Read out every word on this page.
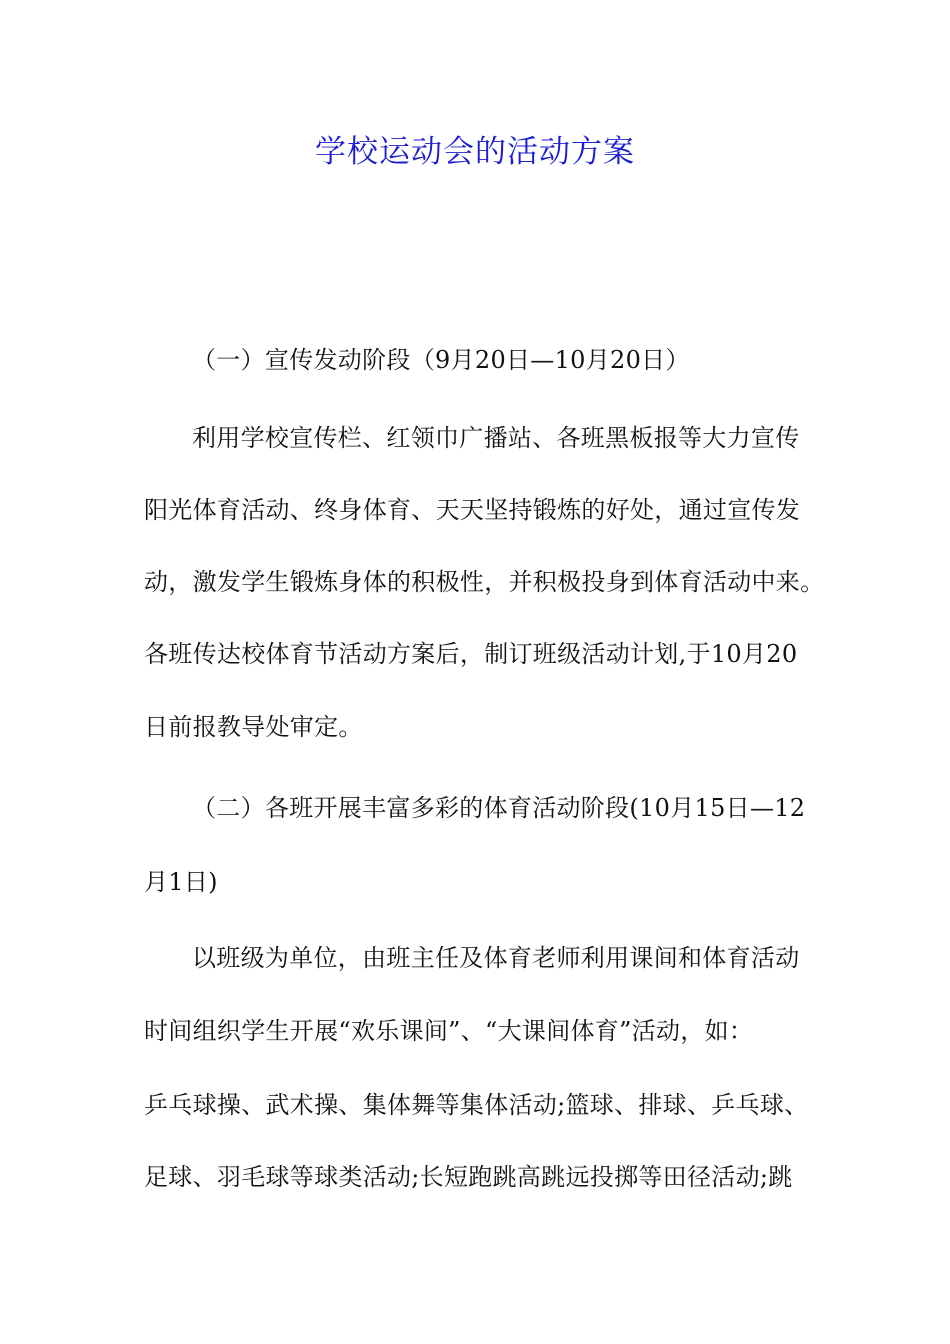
学校运动会的活动方案
（一）宣传发动阶段（9月20日—10月20日）
利用学校宣传栏、红领巾广播站、各班黑板报等大力宣传
阳光体育活动、终身体育、天天坚持锻炼的好处，通过宣传发
动，激发学生锻炼身体的积极性，并积极投身到体育活动中来。
各班传达校体育节活动方案后，制订班级活动计划,于10月20
日前报教导处审定。
（二）各班开展丰富多彩的体育活动阶段(10月15日—12
月1日)
以班级为单位，由班主任及体育老师利用课间和体育活动
时间组织学生开展“欢乐课间”、“大课间体育”活动，如：
乒乓球操、武术操、集体舞等集体活动;篮球、排球、乒乓球、
足球、羽毛球等球类活动;长短跑跳高跳远投掷等田径活动;跳
